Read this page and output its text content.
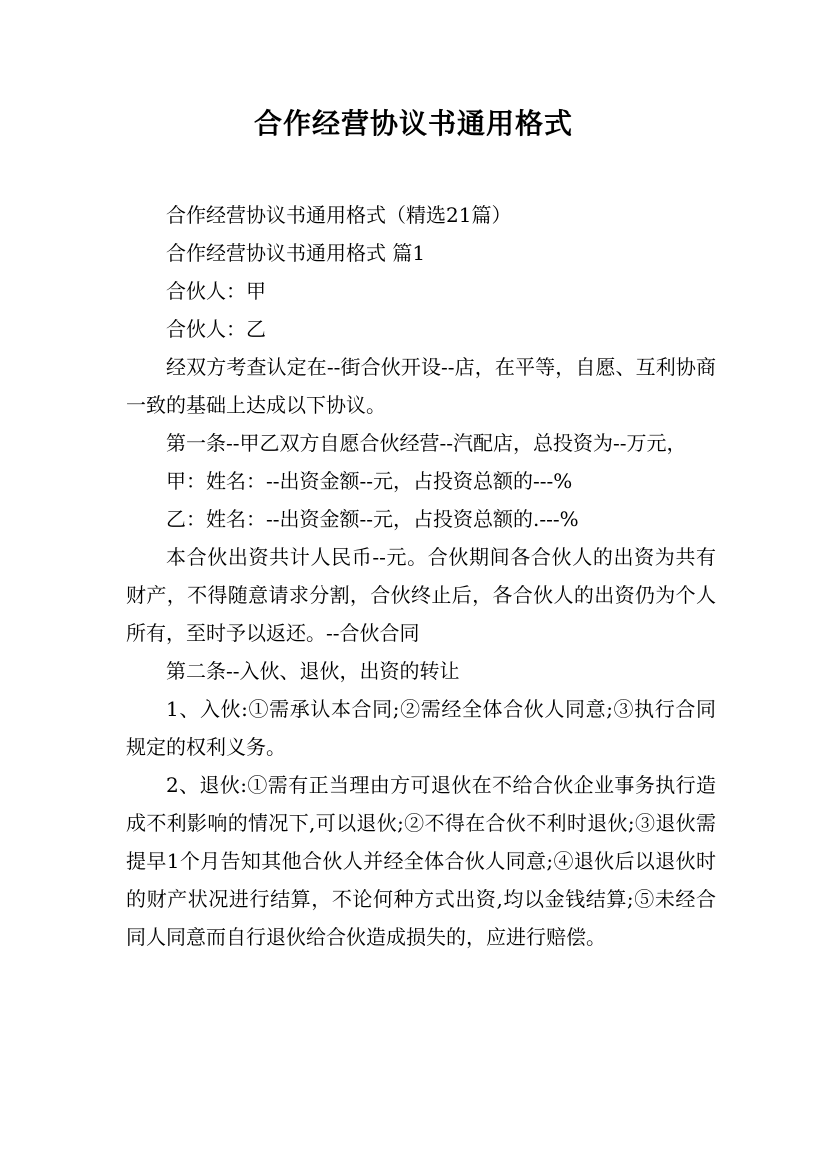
合作经营协议书通用格式

合作经营协议书通用格式（精选21篇）

合作经营协议书通用格式 篇1

合伙人：甲

合伙人：乙

经双方考查认定在--街合伙开设--店，在平等，自愿、互利协商一致的基础上达成以下协议。

第一条--甲乙双方自愿合伙经营--汽配店，总投资为--万元，

甲：姓名：--出资金额--元，占投资总额的---%

乙：姓名：--出资金额--元，占投资总额的.---%

本合伙出资共计人民币--元。合伙期间各合伙人的出资为共有财产，不得随意请求分割，合伙终止后，各合伙人的出资仍为个人所有，至时予以返还。--合伙合同

第二条--入伙、退伙，出资的转让

1、入伙:①需承认本合同;②需经全体合伙人同意;③执行合同规定的权利义务。

2、退伙:①需有正当理由方可退伙在不给合伙企业事务执行造成不利影响的情况下,可以退伙;②不得在合伙不利时退伙;③退伙需提早1个月告知其他合伙人并经全体合伙人同意;④退伙后以退伙时的财产状况进行结算，不论何种方式出资,均以金钱结算;⑤未经合同人同意而自行退伙给合伙造成损失的，应进行赔偿。
